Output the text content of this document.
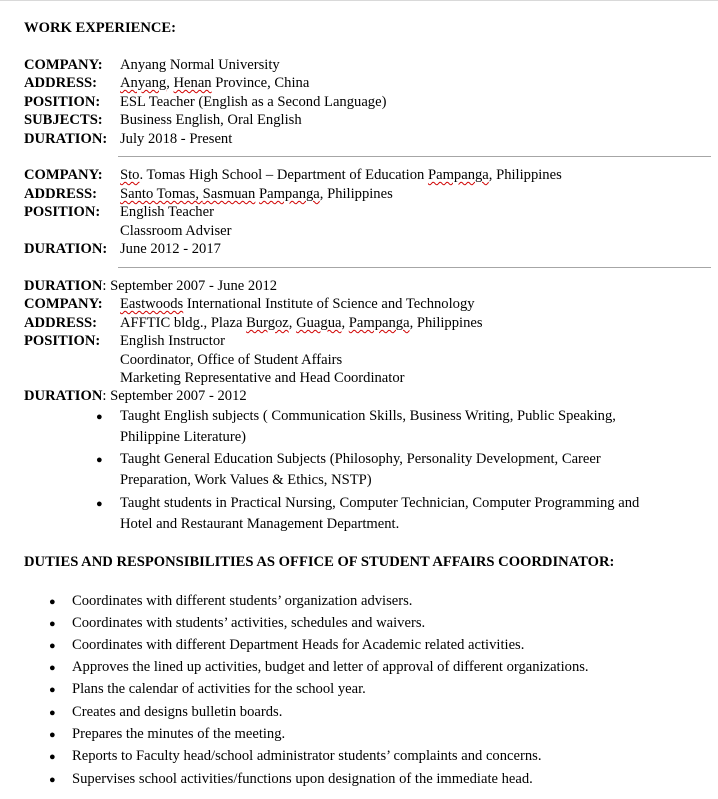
WORK EXPERIENCE:
COMPANY: Anyang Normal University
ADDRESS: Anyang, Henan Province, China
POSITION: ESL Teacher (English as a Second Language)
SUBJECTS: Business English, Oral English
DURATION: July 2018 - Present
COMPANY: Sto. Tomas High School – Department of Education Pampanga, Philippines
ADDRESS: Santo Tomas, Sasmuan Pampanga, Philippines
POSITION: English Teacher
Classroom Adviser
DURATION: June 2012 - 2017
DURATION: September 2007 - June 2012
COMPANY: Eastwoods International Institute of Science and Technology
ADDRESS: AFFTIC bldg., Plaza Burgoz, Guagua, Pampanga, Philippines
POSITION: English Instructor
Coordinator, Office of Student Affairs
Marketing Representative and Head Coordinator
DURATION: September 2007 - 2012
● Taught English subjects ( Communication Skills, Business Writing, Public Speaking,
Philippine Literature)
● Taught General Education Subjects (Philosophy, Personality Development, Career
Preparation, Work Values & Ethics, NSTP)
● Taught students in Practical Nursing, Computer Technician, Computer Programming and
Hotel and Restaurant Management Department.
DUTIES AND RESPONSIBILITIES AS OFFICE OF STUDENT AFFAIRS COORDINATOR:
● Coordinates with different students’ organization advisers.
● Coordinates with students’ activities, schedules and waivers.
● Coordinates with different Department Heads for Academic related activities.
● Approves the lined up activities, budget and letter of approval of different organizations.
● Plans the calendar of activities for the school year.
● Creates and designs bulletin boards.
● Prepares the minutes of the meeting.
● Reports to Faculty head/school administrator students’ complaints and concerns.
● Supervises school activities/functions upon designation of the immediate head.
